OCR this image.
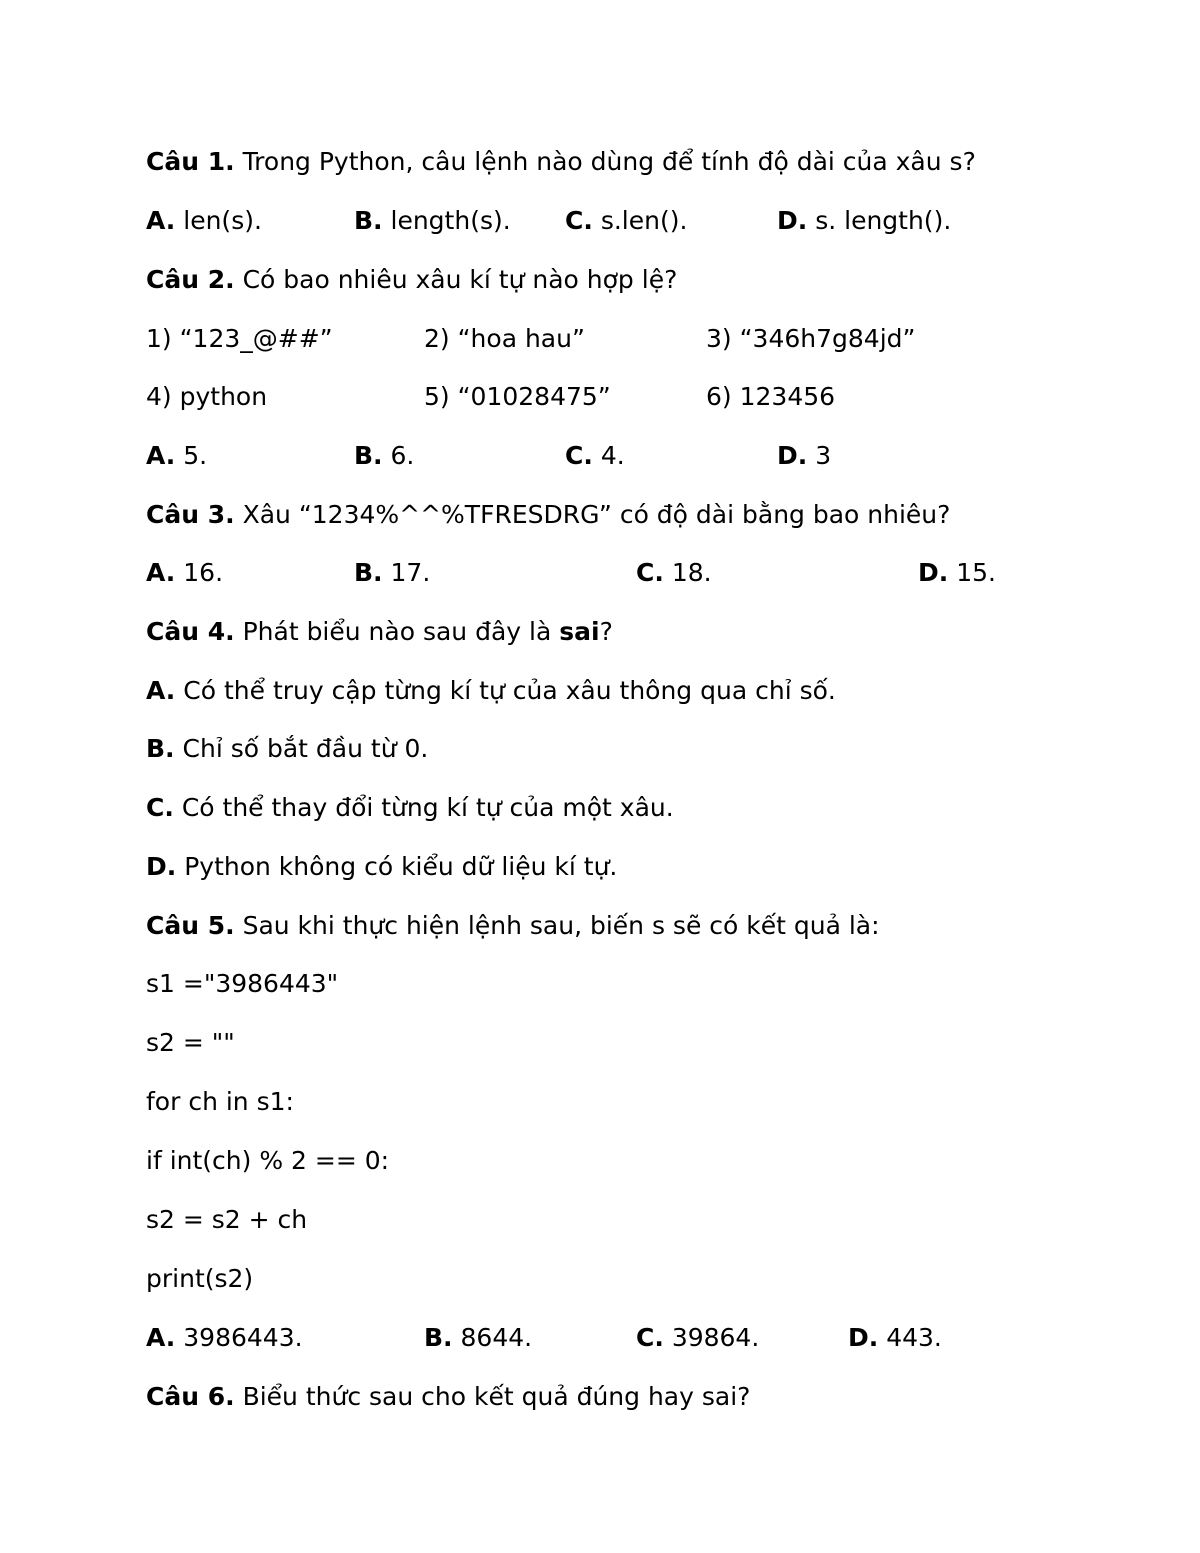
Câu 1. Trong Python, câu lệnh nào dùng để tính độ dài của xâu s?
A. len(s).	B. length(s). C. s.len().	D. s. length().
Câu 2. Có bao nhiêu xâu kí tự nào hợp lệ?
1) “123_@##”	2) “hoa hau”	3) “346h7g84jd”
4) python	5) “01028475”	6) 123456
A. 5.	B. 6.	C. 4.	D. 3
Câu 3. Xâu “1234%^^%TFRESDRG” có độ dài bằng bao nhiêu?
A. 16.	B. 17.	C. 18.	D. 15.
Câu 4. Phát biểu nào sau đây là sai?
A. Có thể truy cập từng kí tự của xâu thông qua chỉ số.
B. Chỉ số bắt đầu từ 0.
C. Có thể thay đổi từng kí tự của một xâu.
D. Python không có kiểu dữ liệu kí tự.
Câu 5. Sau khi thực hiện lệnh sau, biến s sẽ có kết quả là:
s1 ="3986443"
s2 = ""
for ch in s1:
if int(ch) % 2 == 0:
s2 = s2 + ch
print(s2)
A. 3986443.	B. 8644.	C. 39864.	D. 443.
Câu 6. Biểu thức sau cho kết quả đúng hay sai?
